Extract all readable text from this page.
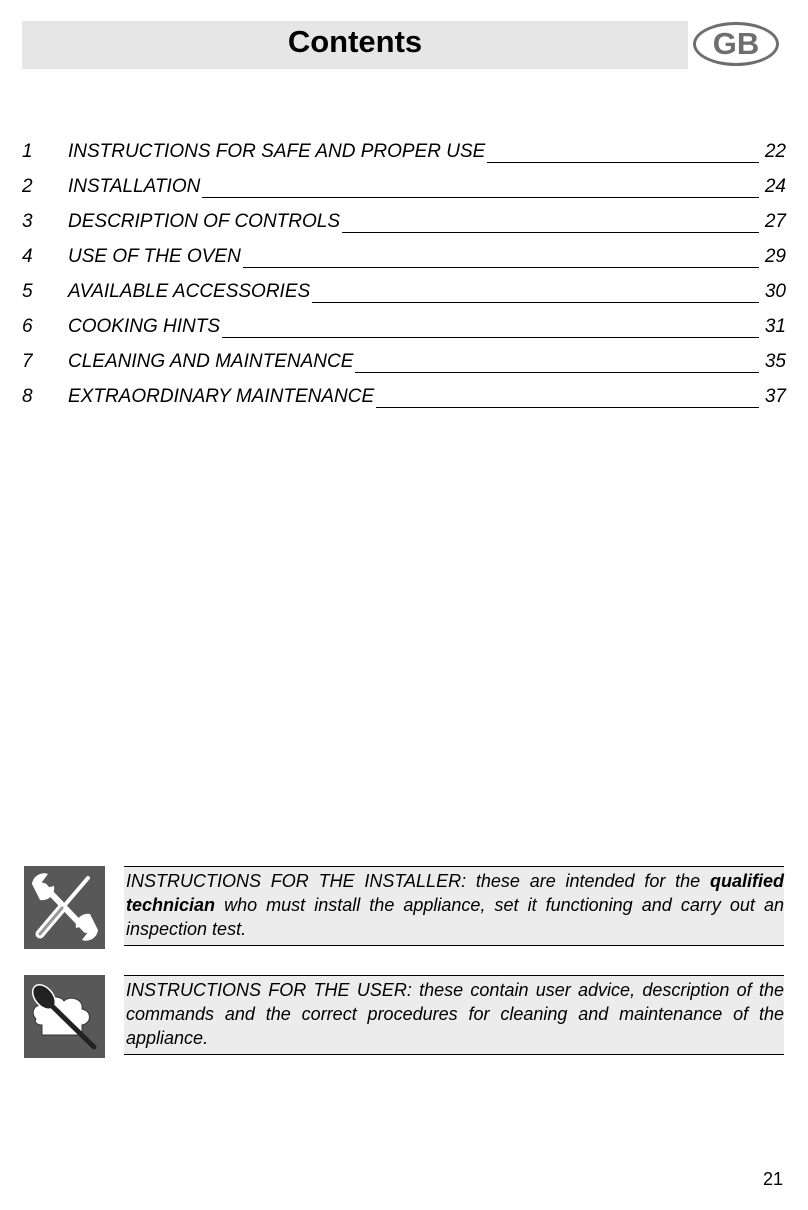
Contents	GB
1	INSTRUCTIONS FOR SAFE AND PROPER USE	22
2	INSTALLATION	24
3	DESCRIPTION OF CONTROLS	27
4	USE OF THE OVEN	29
5	AVAILABLE ACCESSORIES	30
6	COOKING HINTS	31
7	CLEANING AND MAINTENANCE	35
8	EXTRAORDINARY MAINTENANCE	37
INSTRUCTIONS FOR THE INSTALLER: these are intended for the qualified technician who must install the appliance, set it functioning and carry out an inspection test.
INSTRUCTIONS FOR THE USER: these contain user advice, description of the commands and the correct procedures for cleaning and maintenance of the appliance.
21
